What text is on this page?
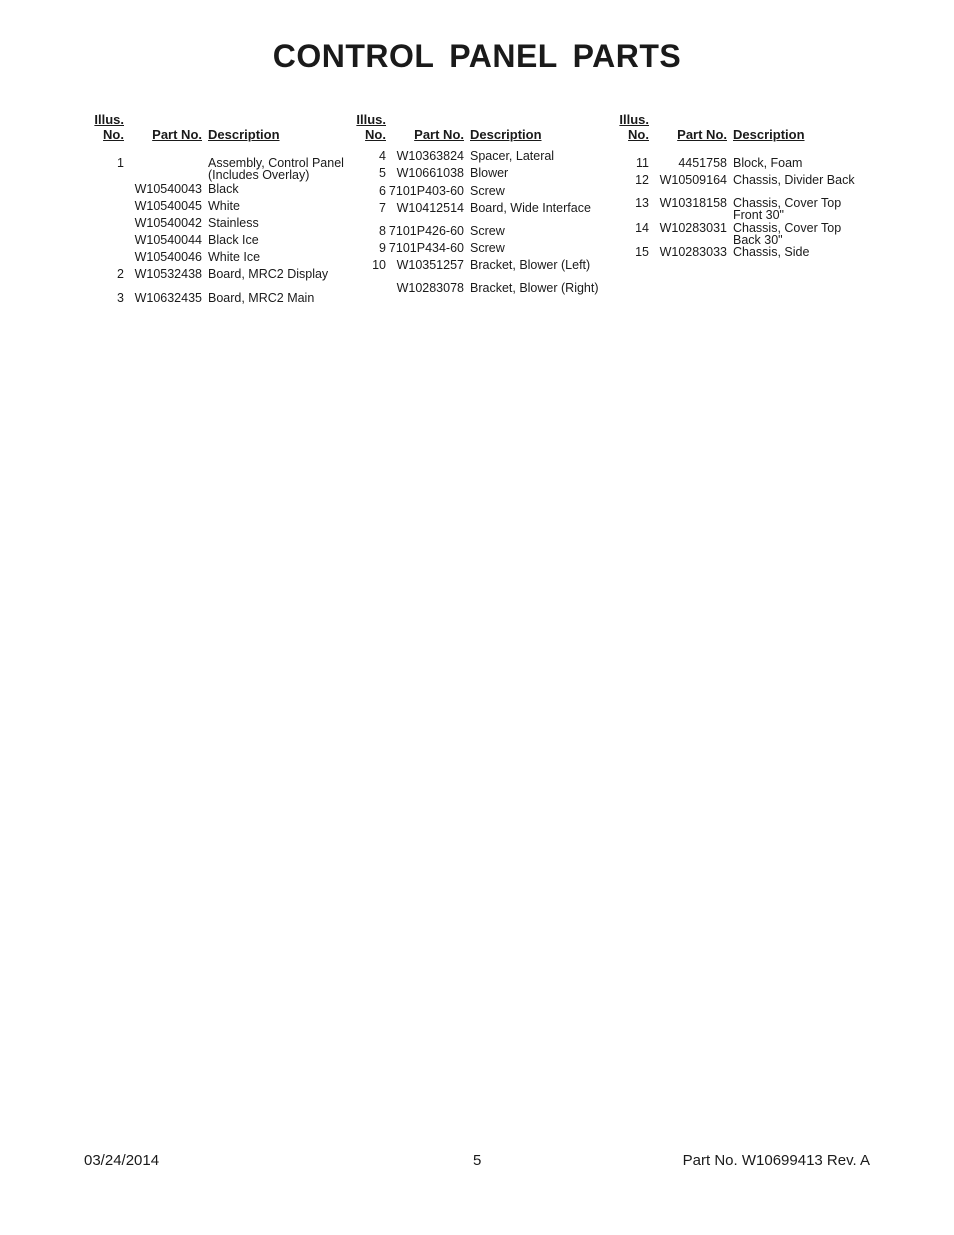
CONTROL PANEL PARTS
Illus.
No. Part No. Description
1	Assembly, Control Panel
(Includes Overlay)
W10540043 Black
W10540045 White
W10540042 Stainless
W10540044 Black Ice
W10540046 White Ice
2 W10532438 Board, MRC2 Display
3 W10632435 Board, MRC2 Main
Illus.
No. Part No. Description
4 W10363824 Spacer, Lateral
5 W10661038 Blower
6 7101P403-60 Screw
7 W10412514 Board, Wide Interface
8 7101P426-60 Screw
9 7101P434-60 Screw
10 W10351257 Bracket, Blower (Left)
W10283078 Bracket, Blower (Right)
Illus.
No. Part No. Description
11 4451758 Block, Foam
12 W10509164 Chassis, Divider Back
13 W10318158 Chassis, Cover Top
Front 30"
14 W10283031 Chassis, Cover Top
Back 30"
15 W10283033 Chassis, Side
03/24/2014	5	Part No. W10699413 Rev. A
